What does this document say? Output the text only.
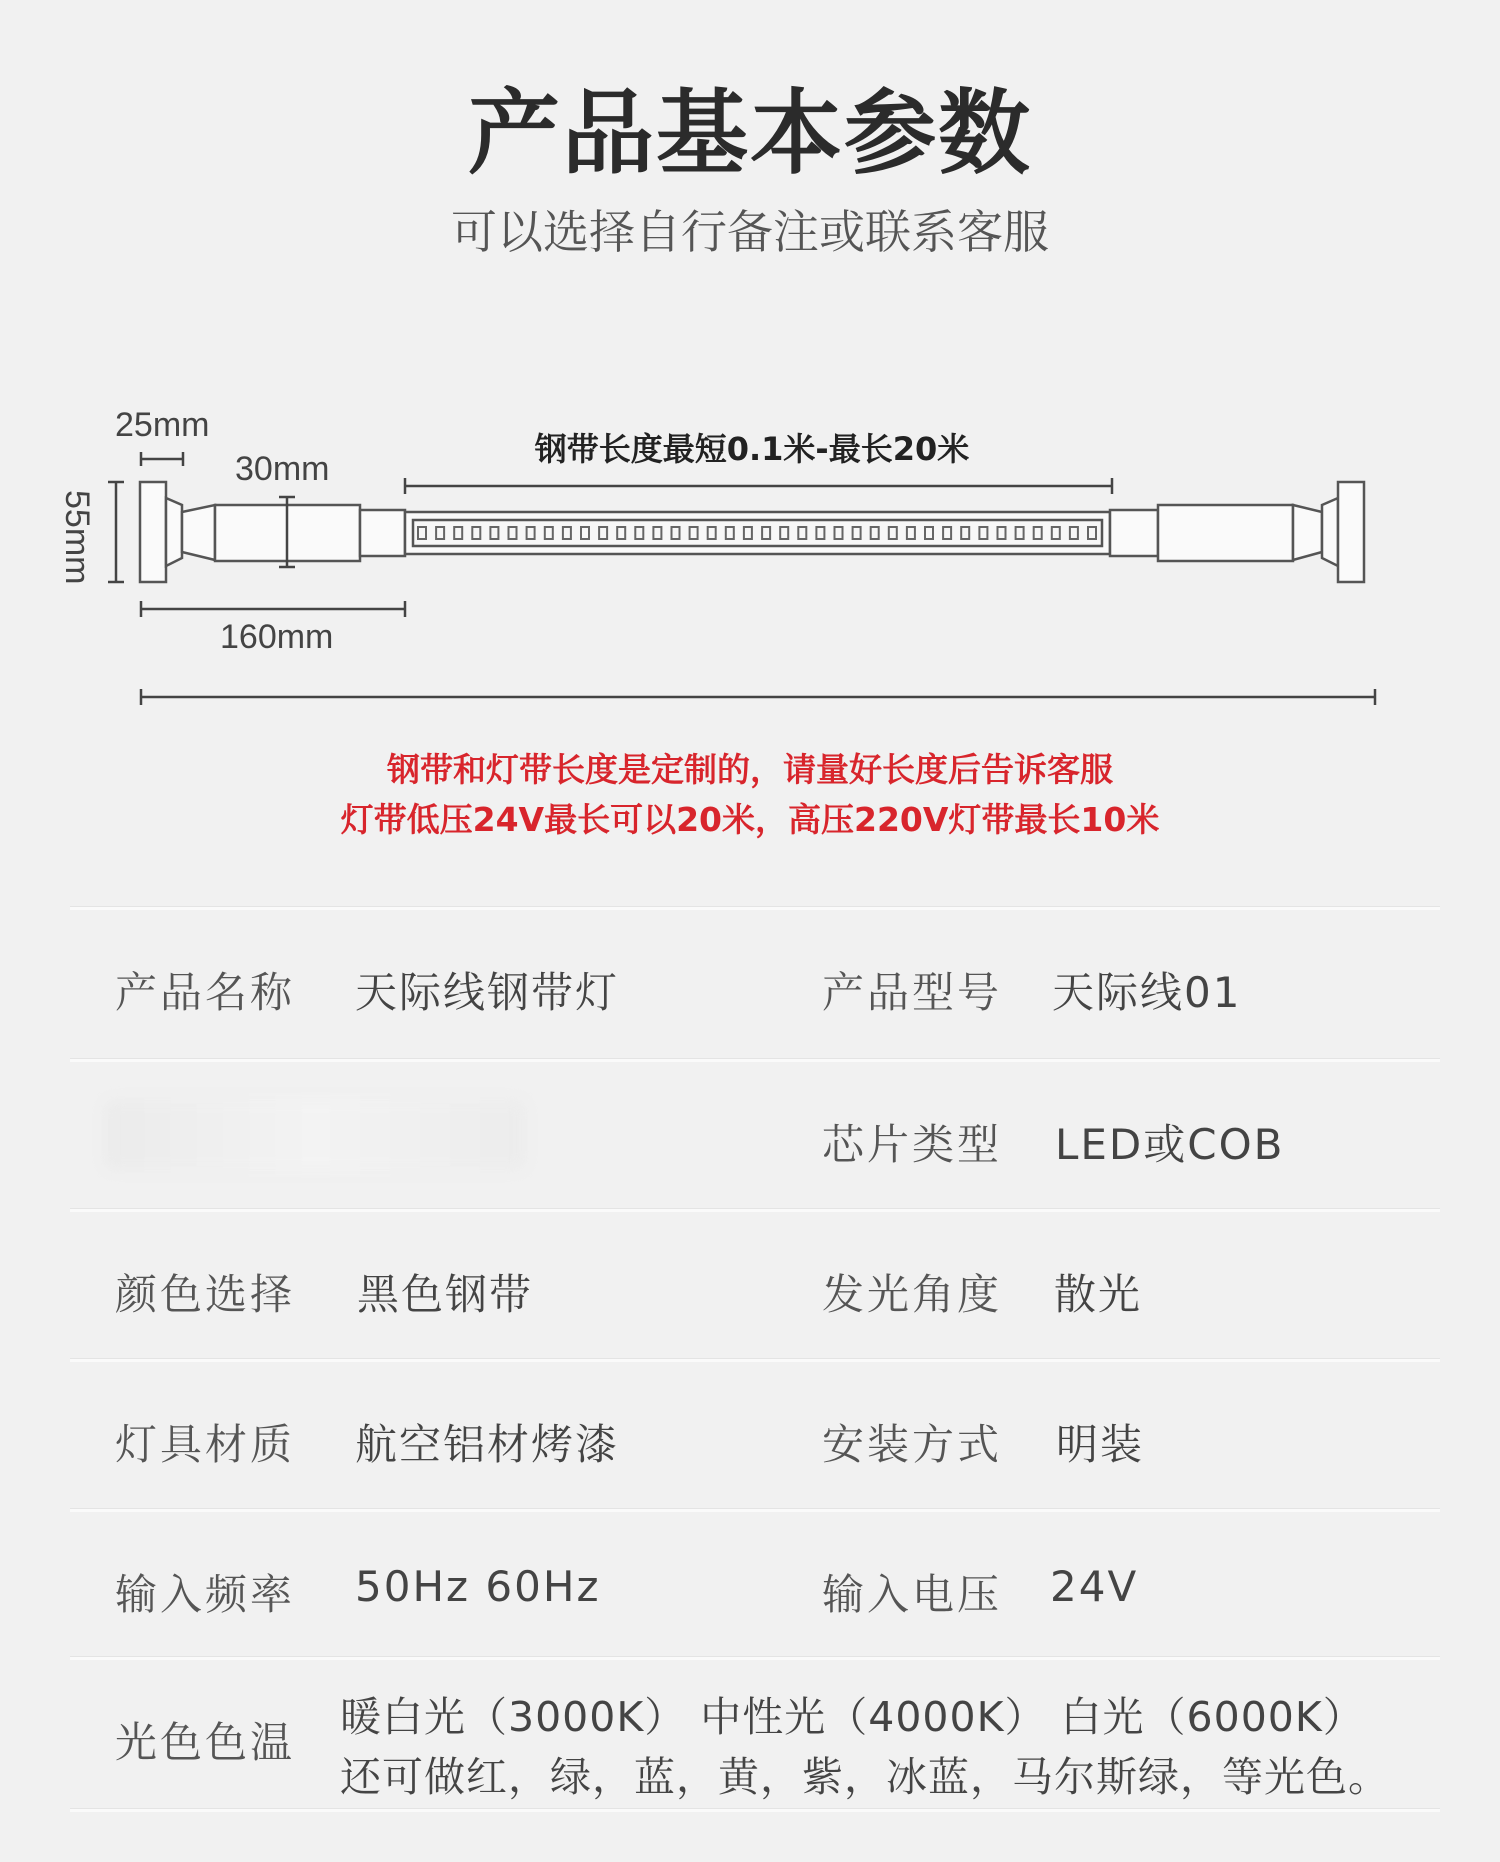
产品基本参数
可以选择自行备注或联系客服
25mm
30mm
160mm
55mm
钢带长度最短0.1米-最长20米
钢带和灯带长度是定制的，请量好长度后告诉客服
灯带低压24V最长可以20米，高压220V灯带最长10米
产品名称 天际线钢带灯	产品型号 天际线01
芯片类型 LED或COB
颜色选择 黑色钢带	发光角度 散光
灯具材质 航空铝材烤漆	安装方式 明装
输入频率 50Hz 60Hz	输入电压 24V
光色色温
暖白光（3000K） 中性光（4000K） 白光（6000K）
还可做红，绿，蓝，黄，紫，冰蓝，马尔斯绿，等光色。
